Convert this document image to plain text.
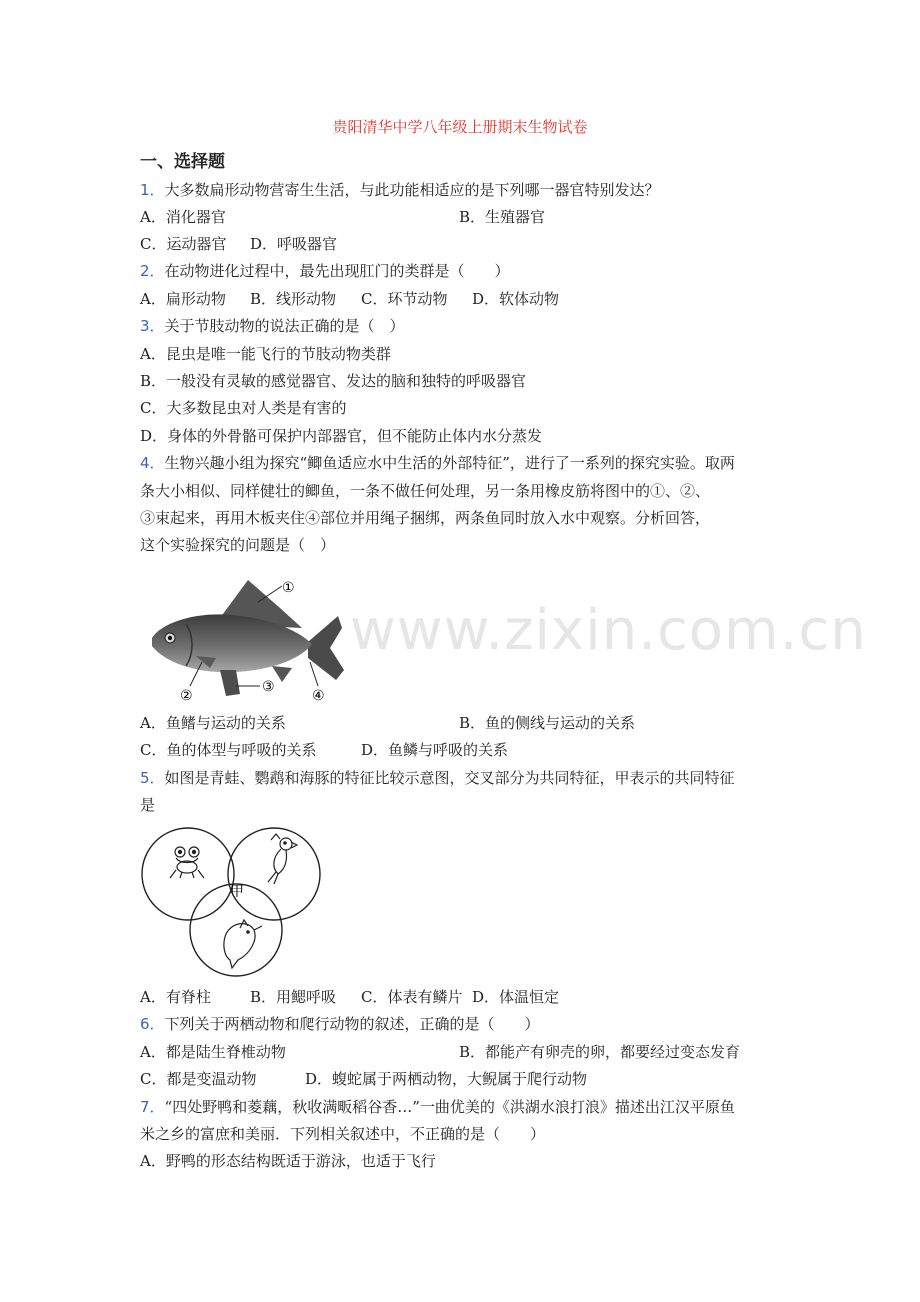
www.zixin.com.cn
贵阳清华中学八年级上册期末生物试卷
一、选择题
1．大多数扁形动物营寄生生活，与此功能相适应的是下列哪一器官特别发达？
A．消化器官	B．生殖器官
C．运动器官 D．呼吸器官
2．在动物进化过程中，最先出现肛门的类群是（　　）
A．扁形动物 B．线形动物 C．环节动物 D．软体动物
3．关于节肢动物的说法正确的是（　）
A．昆虫是唯一能飞行的节肢动物类群
B．一般没有灵敏的感觉器官、发达的脑和独特的呼吸器官
C．大多数昆虫对人类是有害的
D．身体的外骨骼可保护内部器官，但不能防止体内水分蒸发
4．生物兴趣小组为探究“鲫鱼适应水中生活的外部特征”，进行了一系列的探究实验。取两
条大小相似、同样健壮的鲫鱼，一条不做任何处理，另一条用橡皮筋将图中的①、②、
③束起来，再用木板夹住④部位并用绳子捆绑，两条鱼同时放入水中观察。分析回答，
这个实验探究的问题是（　）
①
②
③
④
A．鱼鳍与运动的关系	B．鱼的侧线与运动的关系
C．鱼的体型与呼吸的关系	D．鱼鳞与呼吸的关系
5．如图是青蛙、鹦鹉和海豚的特征比较示意图，交叉部分为共同特征，甲表示的共同特征
是
甲
A．有脊柱	B．用鳃呼吸 C．体表有鳞片 D．体温恒定
6．下列关于两栖动物和爬行动物的叙述，正确的是（　　）
A．都是陆生脊椎动物	B．都能产有卵壳的卵，都要经过变态发育
C．都是变温动物	D．蝮蛇属于两栖动物，大鲵属于爬行动物
7．“四处野鸭和菱藕，秋收满畈稻谷香…”一曲优美的《洪湖水浪打浪》描述出江汉平原鱼
米之乡的富庶和美丽．下列相关叙述中，不正确的是（　　）
A．野鸭的形态结构既适于游泳，也适于飞行
